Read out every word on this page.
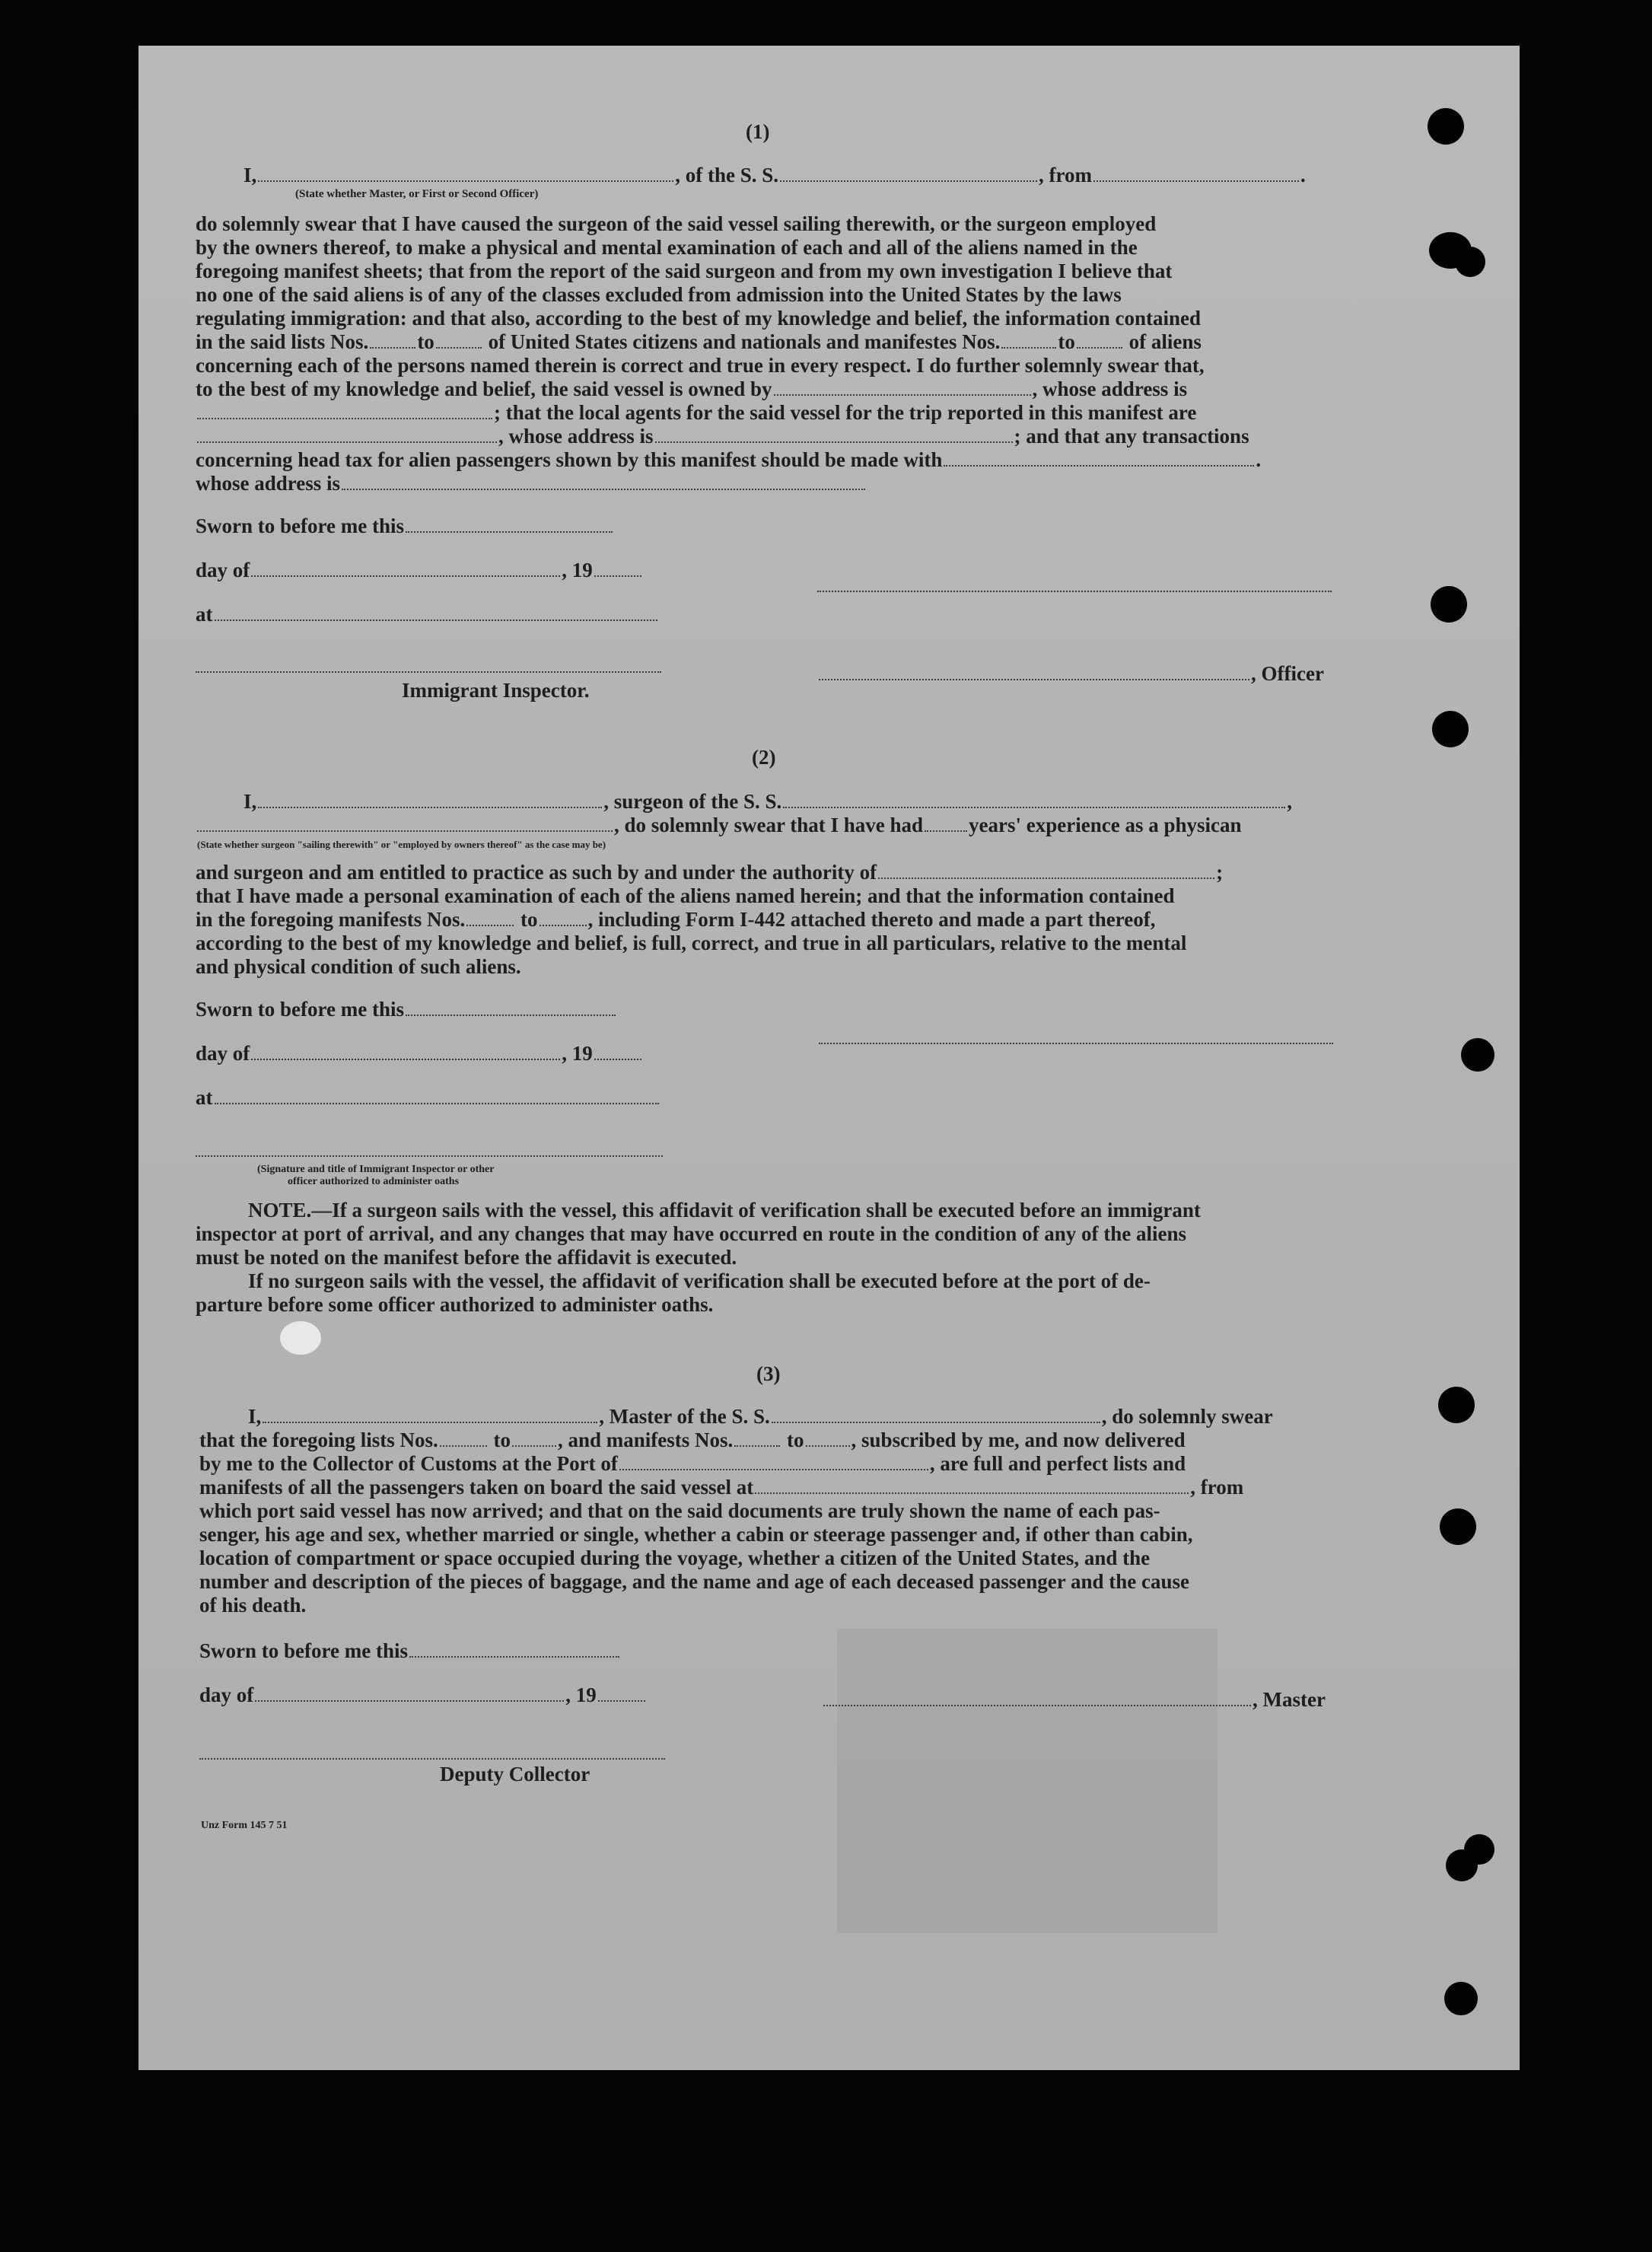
(1)
I,	, of the S. S.	, from	.
(State whether Master, or First or Second Officer)
do solemnly swear that I have caused the surgeon of the said vessel sailing therewith, or the surgeon employed
by the owners thereof, to make a physical and mental examination of each and all of the aliens named in the
foregoing manifest sheets; that from the report of the said surgeon and from my own investigation I believe that
no one of the said aliens is of any of the classes excluded from admission into the United States by the laws
regulating immigration: and that also, according to the best of my knowledge and belief, the information contained
in the said lists Nos. to	of United States citizens and nationals and manifestes Nos.	to	of aliens
concerning each of the persons named therein is correct and true in every respect. I do further solemnly swear that,
to the best of my knowledge and belief, the said vessel is owned by	, whose address is
; that the local agents for the said vessel for the trip reported in this manifest are
, whose address is	; and that any transactions
concerning head tax for alien passengers shown by this manifest should be made with	.
whose address is
Sworn to before me this
day of	, 19
at
, Officer
Immigrant Inspector.
(2)
I,	, surgeon of the S. S.	,
, do solemnly swear that I have had years' experience as a physican
(State whether surgeon "sailing therewith" or "employed by owners thereof" as the case may be)
and surgeon and am entitled to practice as such by and under the authority of	;
that I have made a personal examination of each of the aliens named herein; and that the information contained
in the foregoing manifests Nos.	to , including Form I-442 attached thereto and made a part thereof,
according to the best of my knowledge and belief, is full, correct, and true in all particulars, relative to the mental
and physical condition of such aliens.
Sworn to before me this
day of	, 19
at
(Signature and title of Immigrant Inspector or other
officer authorized to administer oaths
NOTE.—If a surgeon sails with the vessel, this affidavit of verification shall be executed before an immigrant
inspector at port of arrival, and any changes that may have occurred en route in the condition of any of the aliens
must be noted on the manifest before the affidavit is executed.
If no surgeon sails with the vessel, the affidavit of verification shall be executed before at the port of de-
parture before some officer authorized to administer oaths.
(3)
I,	, Master of the S. S.	, do solemnly swear
that the foregoing lists Nos.	to , and manifests Nos.	to , subscribed by me, and now delivered
by me to the Collector of Customs at the Port of	, are full and perfect lists and
manifests of all the passengers taken on board the said vessel at	, from
which port said vessel has now arrived; and that on the said documents are truly shown the name of each pas-
senger, his age and sex, whether married or single, whether a cabin or steerage passenger and, if other than cabin,
location of compartment or space occupied during the voyage, whether a citizen of the United States, and the
number and description of the pieces of baggage, and the name and age of each deceased passenger and the cause
of his death.
Sworn to before me this
day of	, 19	, Master
Deputy Collector
Unz Form 145 7 51
